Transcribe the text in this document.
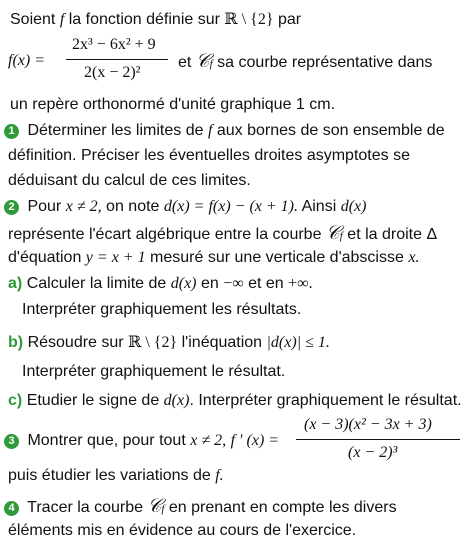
Soient f la fonction définie sur ℝ \ {2} par
f(x) =
2x³ − 6x² + 9
2(x − 2)²
et 𝒞f sa courbe représentative dans
un repère orthonormé d'unité graphique 1 cm.
1 Déterminer les limites de f aux bornes de son ensemble de
définition. Préciser les éventuelles droites asymptotes se
déduisant du calcul de ces limites.
2 Pour x ≠ 2, on note d(x) = f(x) − (x + 1). Ainsi d(x)
représente l'écart algébrique entre la courbe 𝒞f et la droite Δ
d'équation y = x + 1 mesuré sur une verticale d'abscisse x.
a) Calculer la limite de d(x) en −∞ et en +∞.
Interpréter graphiquement les résultats.
b) Résoudre sur ℝ \ {2} l'inéquation |d(x)| ≤ 1.
Interpréter graphiquement le résultat.
c) Etudier le signe de d(x). Interpréter graphiquement le résultat.
3 Montrer que, pour tout x ≠ 2, f ′ (x) =
(x − 3)(x² − 3x + 3)
(x − 2)³
puis étudier les variations de f.
4 Tracer la courbe 𝒞f en prenant en compte les divers
éléments mis en évidence au cours de l'exercice.
